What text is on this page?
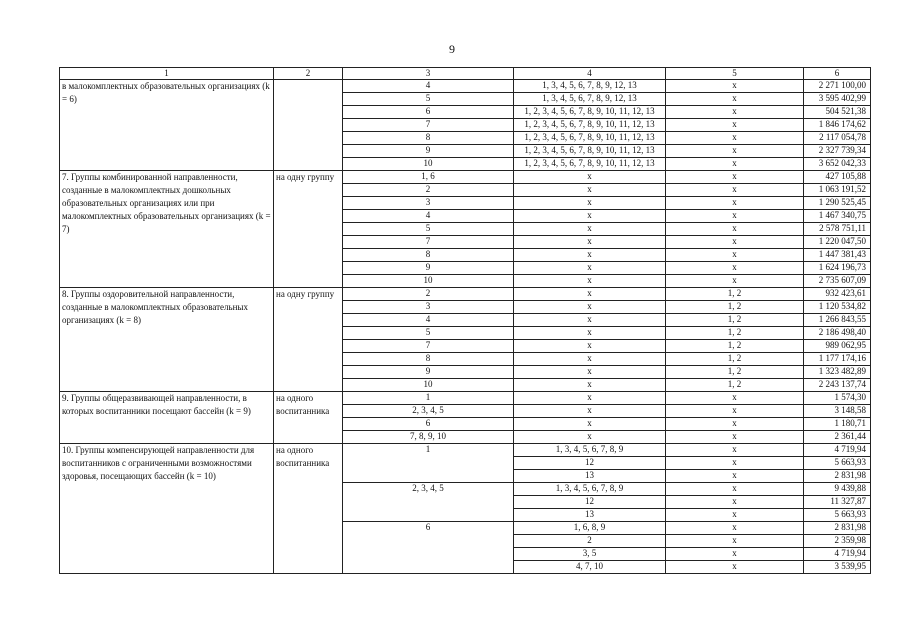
9
1	2	3	4	5	6
в малокомплектных образовательных организациях (k = 6)		4	1, 3, 4, 5, 6, 7, 8, 9, 12, 13	х	2 271 100,00
		5	1, 3, 4, 5, 6, 7, 8, 9, 12, 13	х	3 595 402,99
		6	1, 2, 3, 4, 5, 6, 7, 8, 9, 10, 11, 12, 13	х	504 521,38
		7	1, 2, 3, 4, 5, 6, 7, 8, 9, 10, 11, 12, 13	х	1 846 174,62
		8	1, 2, 3, 4, 5, 6, 7, 8, 9, 10, 11, 12, 13	х	2 117 054,78
		9	1, 2, 3, 4, 5, 6, 7, 8, 9, 10, 11, 12, 13	х	2 327 739,34
		10	1, 2, 3, 4, 5, 6, 7, 8, 9, 10, 11, 12, 13	х	3 652 042,33
7. Группы комбинированной направленности, созданные в малокомплектных дошкольных образовательных организациях или при малокомплектных образовательных организациях (k = 7)	на одну группу	1, 6	х	х	427 105,88
		2	х	х	1 063 191,52
		3	х	х	1 290 525,45
		4	х	х	1 467 340,75
		5	х	х	2 578 751,11
		7	х	х	1 220 047,50
		8	х	х	1 447 381,43
		9	х	х	1 624 196,73
		10	х	х	2 735 607,09
8. Группы оздоровительной направленности, созданные в малокомплектных образовательных организациях (k = 8)	на одну группу	2	х	1, 2	932 423,61
		3	х	1, 2	1 120 534,82
		4	х	1, 2	1 266 843,55
		5	х	1, 2	2 186 498,40
		7	х	1, 2	989 062,95
		8	х	1, 2	1 177 174,16
		9	х	1, 2	1 323 482,89
		10	х	1, 2	2 243 137,74
9. Группы общеразвивающей направленности, в которых воспитанники посещают бассейн (k = 9)	на одного воспитанника	1	х	х	1 574,30
		2, 3, 4, 5	х	х	3 148,58
		6	х	х	1 180,71
		7, 8, 9, 10	х	х	2 361,44
10. Группы компенсирующей направленности для воспитанников с ограниченными возможностями здоровья, посещающих бассейн (k = 10)	на одного воспитанника	1	1, 3, 4, 5, 6, 7, 8, 9	х	4 719,94
			12	х	5 663,93
			13	х	2 831,98
		2, 3, 4, 5	1, 3, 4, 5, 6, 7, 8, 9	х	9 439,88
			12	х	11 327,87
			13	х	5 663,93
		6	1, 6, 8, 9	х	2 831,98
			2	х	2 359,98
			3, 5	х	4 719,94
			4, 7, 10	х	3 539,95
